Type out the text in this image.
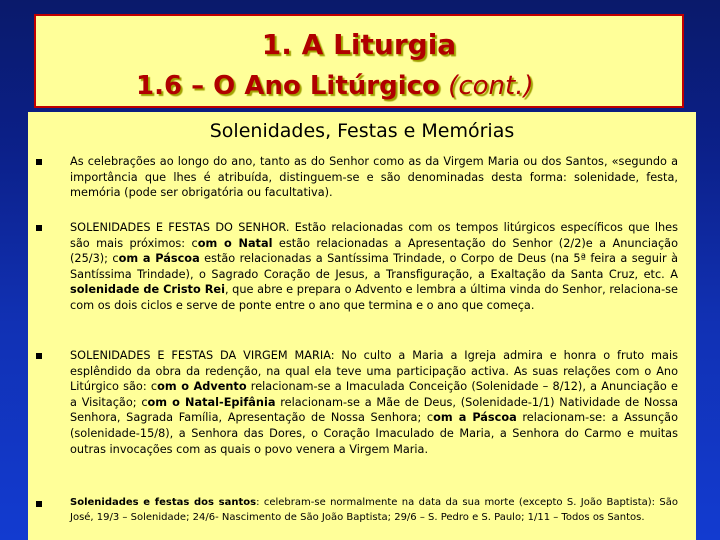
1. A Liturgia
1.6 – O Ano Litúrgico (cont.)
Solenidades, Festas e Memórias
As celebrações ao longo do ano, tanto as do Senhor como as da Virgem Maria ou dos Santos, «segundo a importância que lhes é atribuída, distinguem-se e são denominadas desta forma: solenidade, festa, memória (pode ser obrigatória ou facultativa).
SOLENIDADES E FESTAS DO SENHOR. Estão relacionadas com os tempos litúrgicos específicos que lhes são mais próximos: com o Natal estão relacionadas a Apresentação do Senhor (2/2)e a Anunciação (25/3); com a Páscoa estão relacionadas a Santíssima Trindade, o Corpo de Deus (na 5ª feira a seguir à Santíssima Trindade), o Sagrado Coração de Jesus, a Transfiguração, a Exaltação da Santa Cruz, etc. A solenidade de Cristo Rei, que abre e prepara o Advento e lembra a última vinda do Senhor, relaciona-se com os dois ciclos e serve de ponte entre o ano que termina e o ano que começa.
SOLENIDADES E FESTAS DA VIRGEM MARIA: No culto a Maria a Igreja admira e honra o fruto mais esplêndido da obra da redenção, na qual ela teve uma participação activa. As suas relações com o Ano Litúrgico são: com o Advento relacionam-se a Imaculada Conceição (Solenidade – 8/12), a Anunciação e a Visitação; com o Natal-Epifânia relacionam-se a Mãe de Deus, (Solenidade-1/1) Natividade de Nossa Senhora, Sagrada Família, Apresentação de Nossa Senhora; com a Páscoa relacionam-se: a Assunção (solenidade-15/8), a Senhora das Dores, o Coração Imaculado de Maria, a Senhora do Carmo e muitas outras invocações com as quais o povo venera a Virgem Maria.
Solenidades e festas dos santos: celebram-se normalmente na data da sua morte (excepto S. João Baptista): São José, 19/3 – Solenidade; 24/6- Nascimento de São João Baptista; 29/6 – S. Pedro e S. Paulo; 1/11 – Todos os Santos.
